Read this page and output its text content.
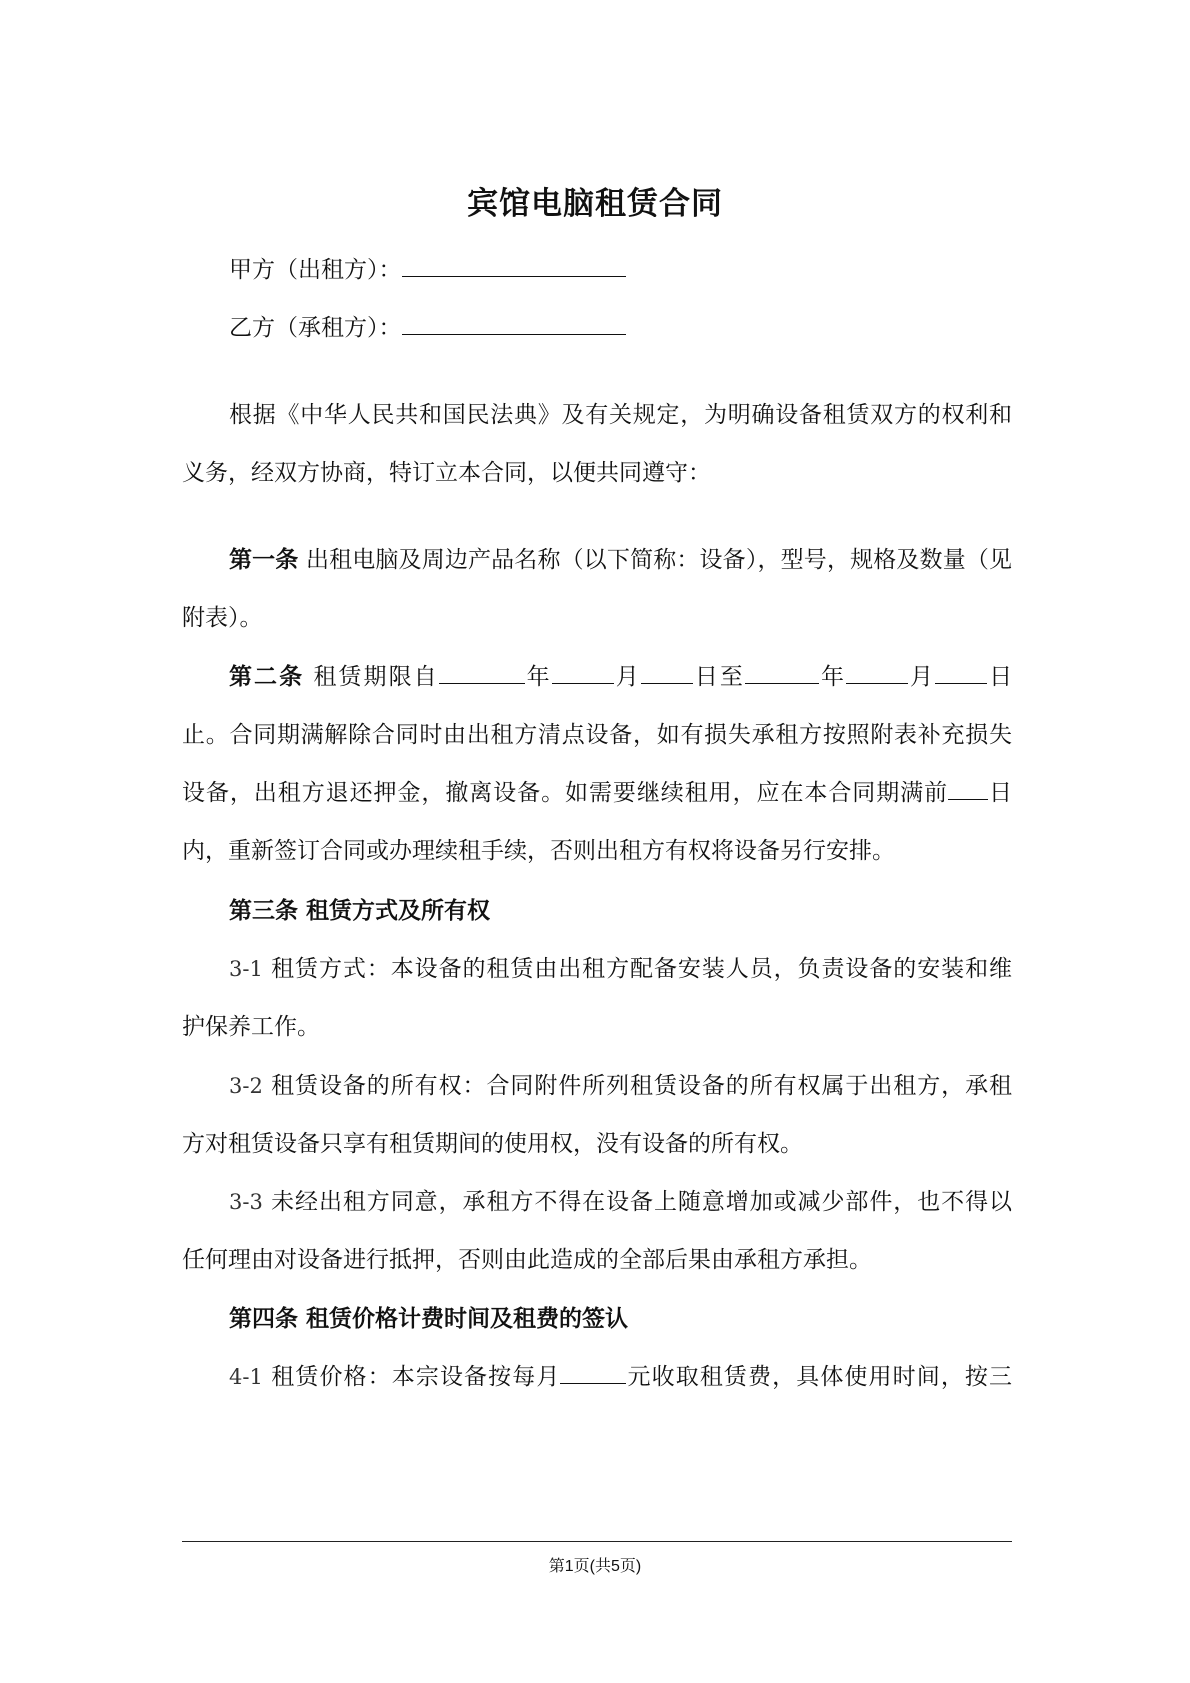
宾馆电脑租赁合同
甲方（出租方）：
乙方（承租方）：
根据《中华人民共和国民法典》及有关规定，为明确设备租赁双方的权利和
义务，经双方协商，特订立本合同，以便共同遵守：
第一条 出租电脑及周边产品名称（以下简称：设备），型号，规格及数量（见
附表）。
第二条 租赁期限自	年	月 日至	年	月 日
止。合同期满解除合同时由出租方清点设备，如有损失承租方按照附表补充损失
设备，出租方退还押金，撤离设备。如需要继续租用，应在本合同期满前 日
内，重新签订合同或办理续租手续，否则出租方有权将设备另行安排。
第三条 租赁方式及所有权
3-1 租赁方式：本设备的租赁由出租方配备安装人员，负责设备的安装和维
护保养工作。
3-2 租赁设备的所有权：合同附件所列租赁设备的所有权属于出租方，承租
方对租赁设备只享有租赁期间的使用权，没有设备的所有权。
3-3 未经出租方同意，承租方不得在设备上随意增加或减少部件，也不得以
任何理由对设备进行抵押，否则由此造成的全部后果由承租方承担。
第四条 租赁价格计费时间及租费的签认
4-1 租赁价格：本宗设备按每月	元收取租赁费，具体使用时间，按三
第1页(共5页)
